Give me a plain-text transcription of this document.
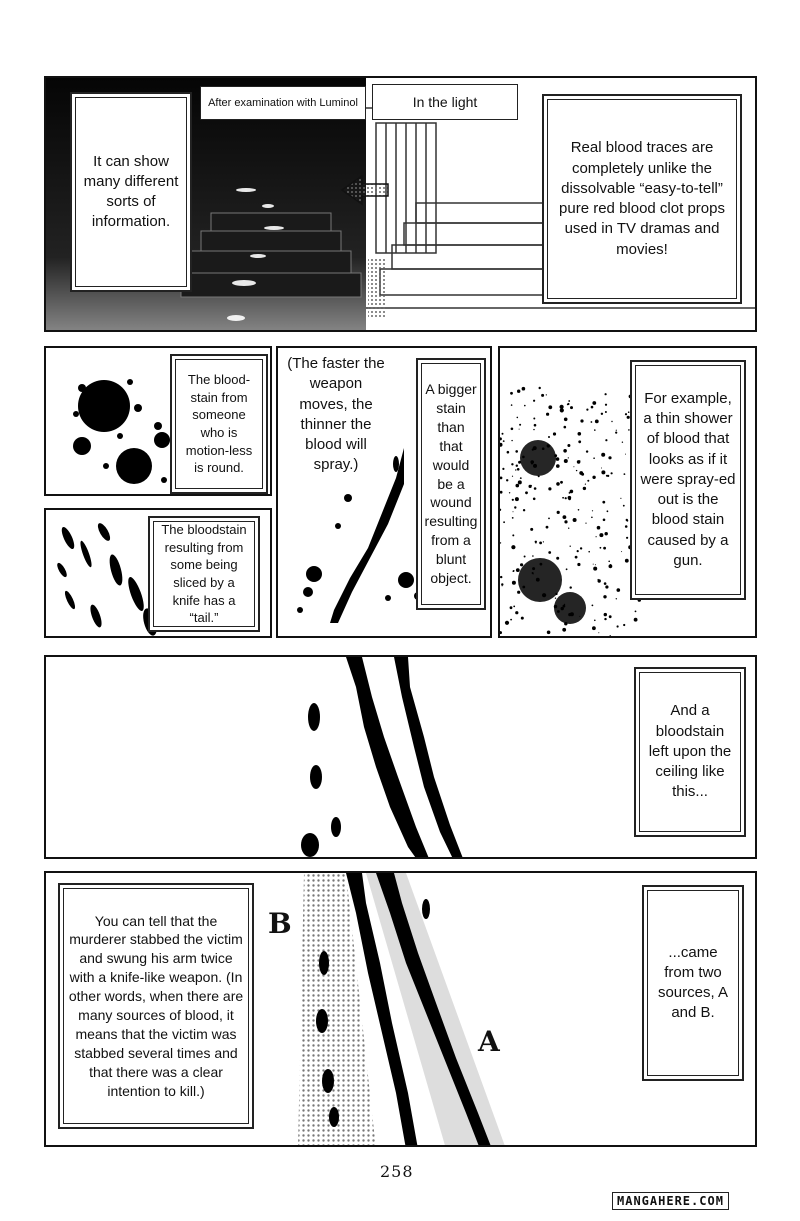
After examination with Luminol	In the light
It can show many different sorts of information.
Real blood traces are completely unlike the dissolvable “easy-to-tell” pure red blood clot props used in TV dramas and movies!
The blood-stain from someone who is motion-less is round.
The bloodstain resulting from some being sliced by a knife has a “tail.”
(The faster the weapon moves, the thinner the blood will spray.)
A bigger stain than that would be a wound resulting from a blunt object.
For example, a thin shower of blood that looks as if it were spray-ed out is the blood stain caused by a gun.
And a bloodstain left upon the ceiling like this...
B
A
You can tell that the murderer stabbed the victim and swung his arm twice with a knife-like weapon. (In other words, when there are many sources of blood, it means that the victim was stabbed several times and that there was a clear intention to kill.)
...came from two sources, A and B.
258
MANGAHERE.COM
